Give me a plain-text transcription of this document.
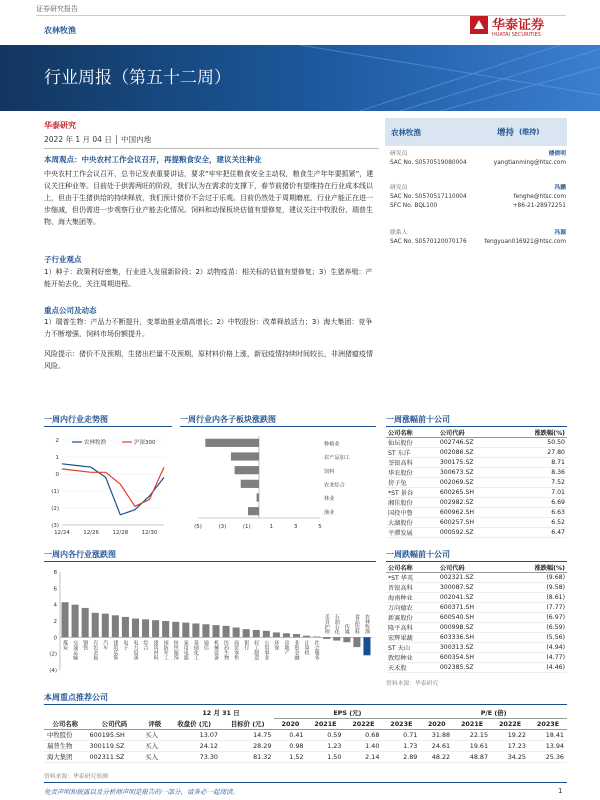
证券研究报告
农林牧渔	华泰证券
HUATAI SECURITIES
行业周报（第五十二周）
华泰研究
2022 年 1 月 04 日 │ 中国内地
本周观点：中央农村工作会议召开，再提粮食安全，建议关注种业
中央农村工作会议召开，总书记发表重要讲话，要求“牢牢把住粮食安全主动权，粮食生产年年要抓紧”，建议关注种业等。目前处于供需两旺的阶段，我们认为在需求的支撑下，春节前猪价有望维持在行业成本线以上，但由于生猪供给的持续释放，我们预计猪价不会过于乐观。目前仍然处于周期磨底，行业产能正在进一步缩减，但仍需进一步观察行业产能去化情况。饲料和动保板块估值有望修复，建议关注中牧股份、瑞普生物、海大集团等。
子行业观点
1）种子：政策利好密集，行业进入发展新阶段；2）动物疫苗：相关标的估值有望修复；3）生猪养殖：产能开始去化，关注周期进程。
重点公司及动态
1）瑞普生物：产品力不断提升，变革助推业绩高增长；2）中牧股份：改革释放活力；3）海大集团：竞争力不断增强，饲料市场份额提升。
风险提示：猪价不及预期，生猪出栏量不及预期，原材料价格上涨，新冠疫情持续时间较长，非洲猪瘟疫情风险。
农林牧渔	增持 (维持)
研究员	楼倩明
SAC No. S0570519080004	yangtianming@htsc.com
研究员	冯鹏
SAC No. S0570517110004	fenghe@htsc.com
SFC No. BQL100	+86-21-28972251
联系人	冯源
SAC No. S0570120070176	fengyuan016921@htsc.com
一周内行业走势图
2
1
0
(1)
(2)
(3)
12/24 12/26 12/28 12/30
农林牧渔	沪深300
一周行业内各子板块涨跌图
(5)	(3)	(1)	1	3	5
种植业
农产品加工
饲料
农业综合
林业
渔业
一周内各行业涨跌图
8
6
4
2
0
(2)
(4)
煤炭 交通运输 钢铁 有色金属 汽车 建筑装饰 电子 电力设备 综合 建筑材料 国防军工 纺织服饰 家用电器 基础化工 通信 机械设备 医药生物 商贸零售 银行 轻工制造 公用事业 环保 房地产 非银金融 计算机 社会服务
美容护理 石油石化 传媒 食品饮料 农林牧渔
一周涨幅前十公司
公司名称	公司代码	涨跌幅(%)
仙坛股份	002746.SZ	50.50
ST 东洋	002086.SZ	27.80
荃银高科	300175.SZ	8.71
华农股份	300673.SZ	8.36
傍子兔	002069.SZ	7.52
*ST 景谷	600265.SH	7.01
湘佳股份	002982.SZ	6.69
国投中鲁	600962.SH	6.63
大湖股份	600257.SH	6.52
平潭发展	000592.SZ	6.47
一周跌幅前十公司
公司名称	公司代码	涨跌幅(%)
*ST 华英	002321.SZ	(9.68)
晋银高科	300087.SZ	(9.58)
海南种业	002041.SZ	(8.61)
万向德农	600371.SH	(7.77)
新赛股份	600540.SH	(6.97)
隆平高科	000998.SZ	(6.59)
宏辉果蔬	603336.SH	(5.56)
ST 天山	300313.SZ	(4.94)
敦煌种业	600354.SH	(4.77)
天禾股	002385.SZ	(4.46)
资料来源：华泰研究
本周重点推荐公司
			12 月 31 日		EPS (元)				P/E (倍)			
公司名称	公司代码	评级	收盘价 (元)	目标价 (元)	2020	2021E	2022E	2023E	2020	2021E	2022E	2023E
中牧股份	600195.SH	买入	13.07	14.75	0.41	0.59	0.68	0.71	31.88	22.15	19.22	18.41
瑞普生物	300119.SZ	买入	24.12	28.29	0.98	1.23	1.40	1.73	24.61	19.61	17.23	13.94
海大集团	002311.SZ	买入	73.30	81.32	1.52	1.50	2.14	2.89	48.22	48.87	34.25	25.36
资料来源：华泰研究预测
免责声明和披露以及分析师声明是报告的一部分，请务必一起阅读。	1
